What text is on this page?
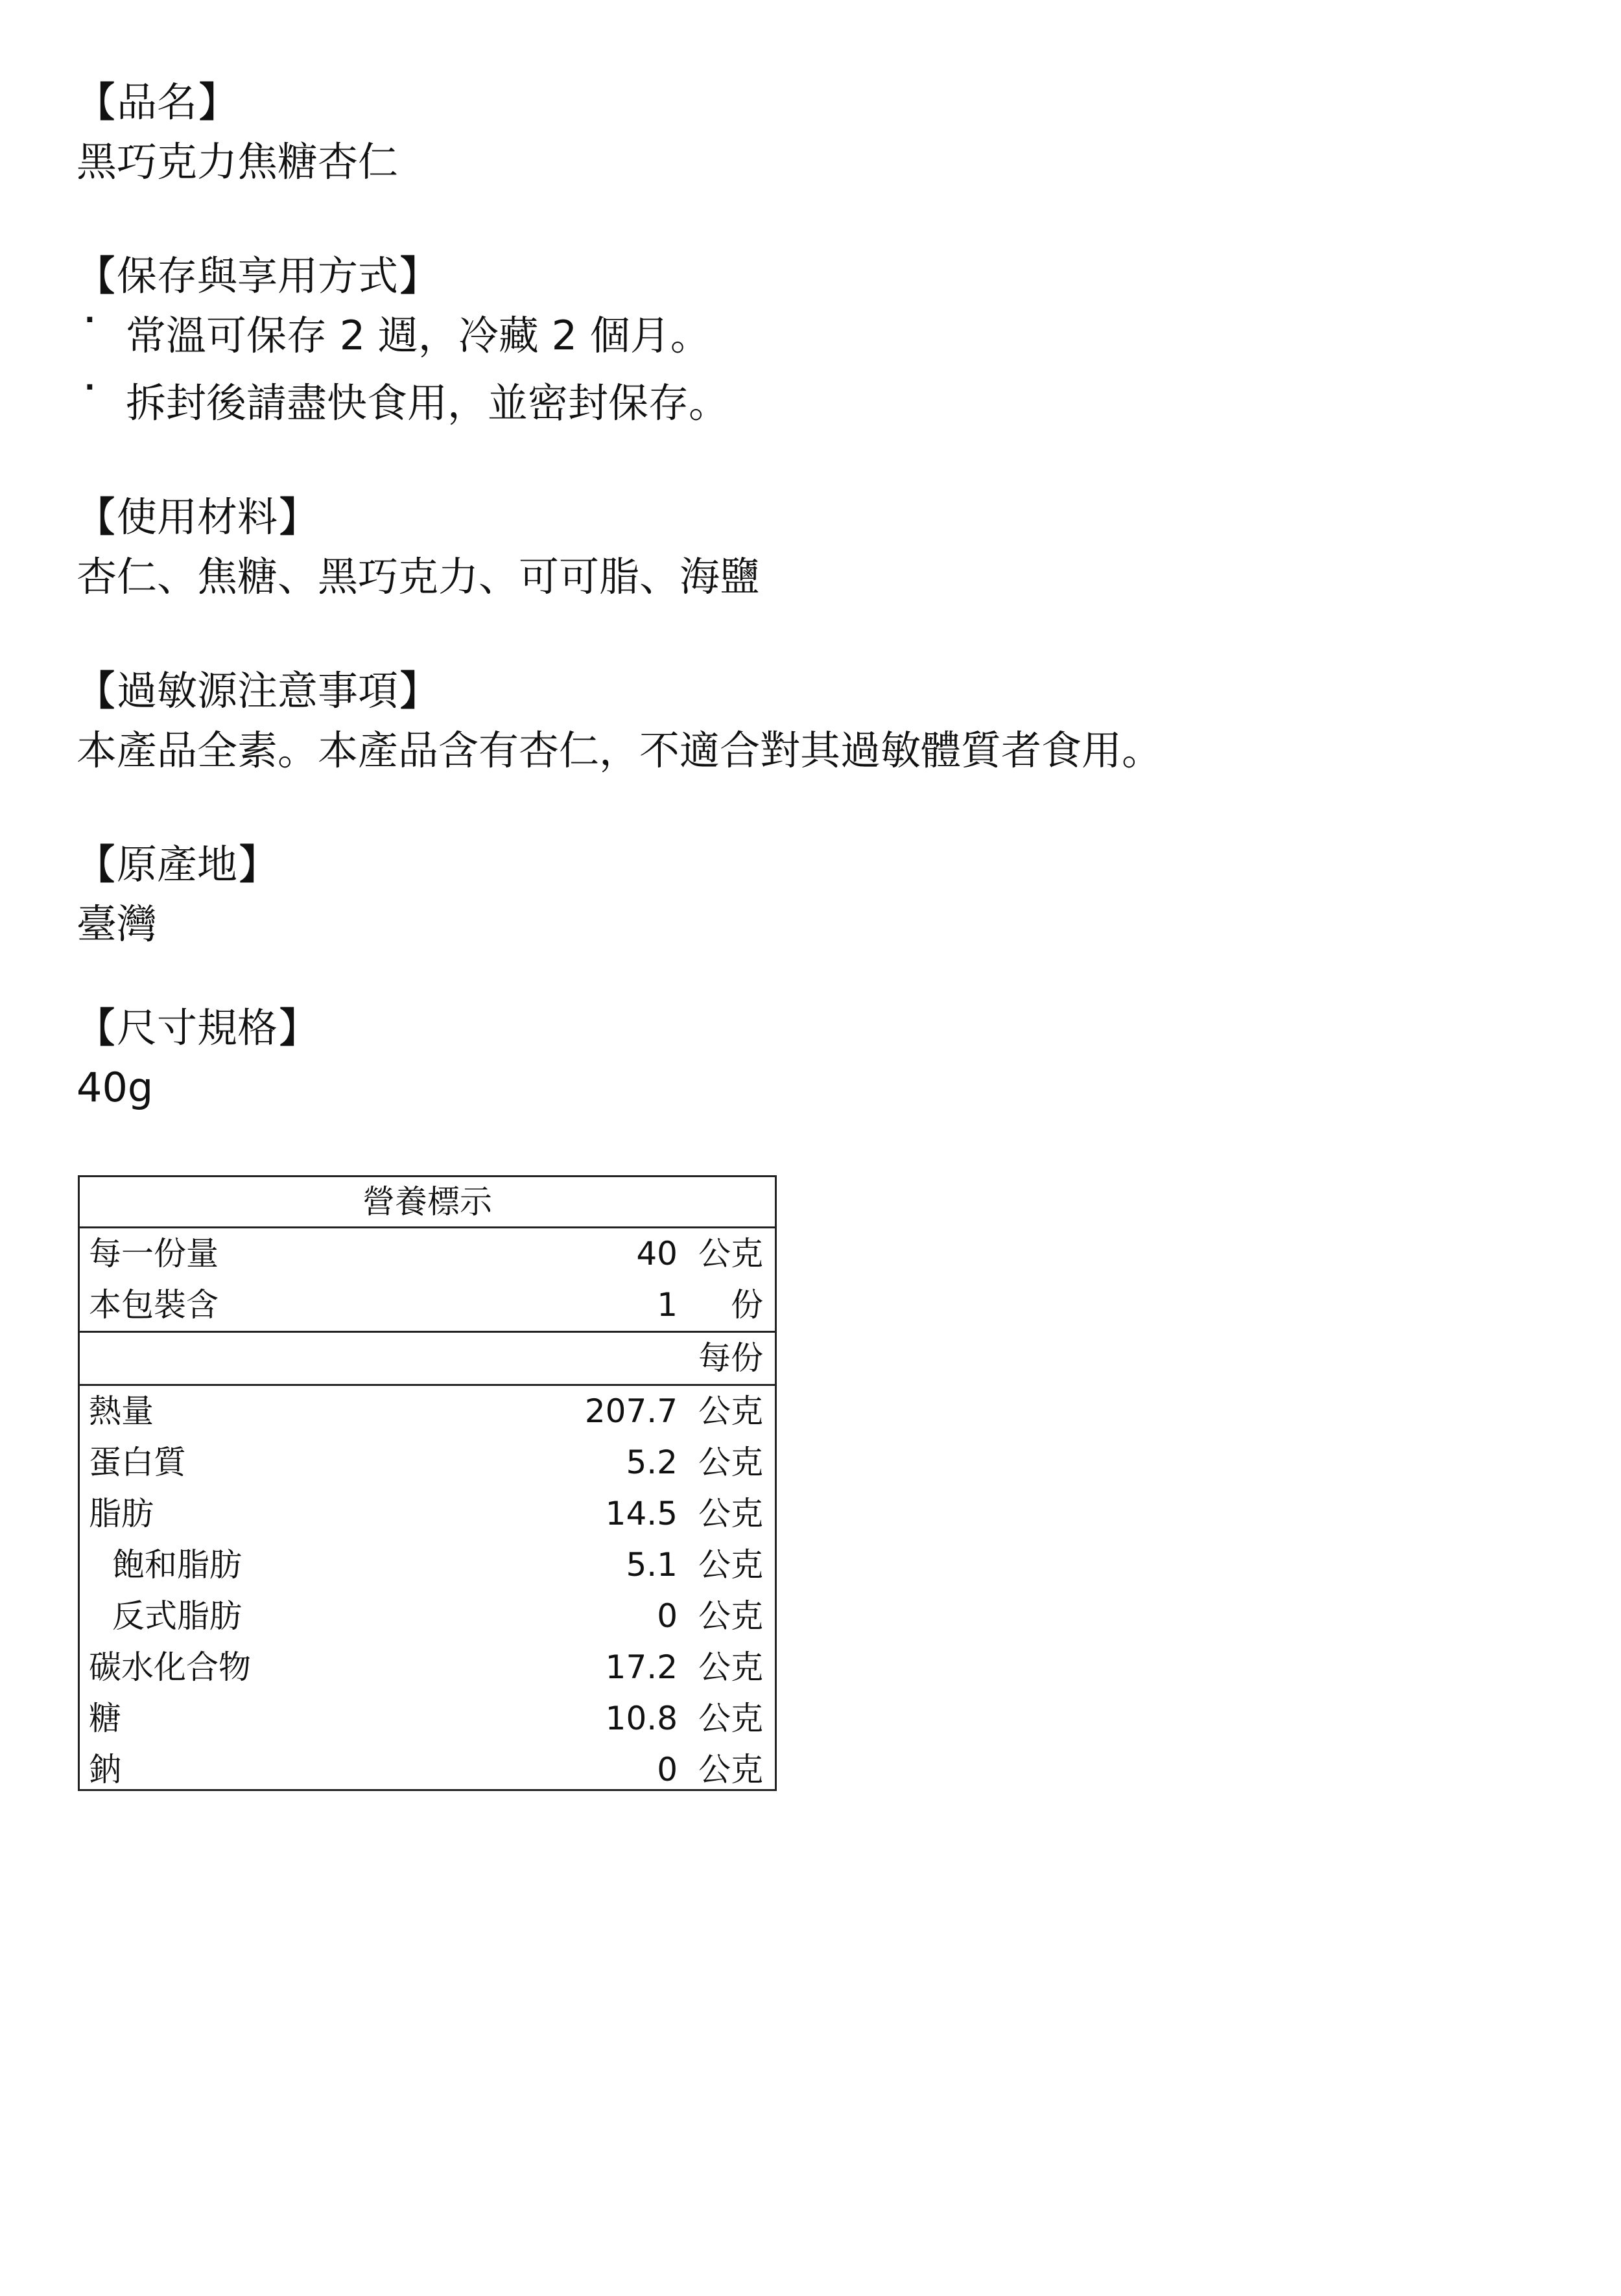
【品名】
黑巧克力焦糖杏仁
【保存與享用方式】
· 常溫可保存 2 週，冷藏 2 個月。
· 拆封後請盡快食用，並密封保存。
【使用材料】
杏仁、焦糖、黑巧克力、可可脂、海鹽
【過敏源注意事項】
本產品全素。本產品含有杏仁，不適合對其過敏體質者食用。
【原產地】
臺灣
【尺寸規格】
40g
營養標示
每一份量	40 公克
本包裝含	1 份
每份
熱量	207.7 公克
蛋白質	5.2 公克
脂肪	14.5 公克
飽和脂肪	5.1 公克
反式脂肪	0 公克
碳水化合物	17.2 公克
糖	10.8 公克
鈉	0 公克
